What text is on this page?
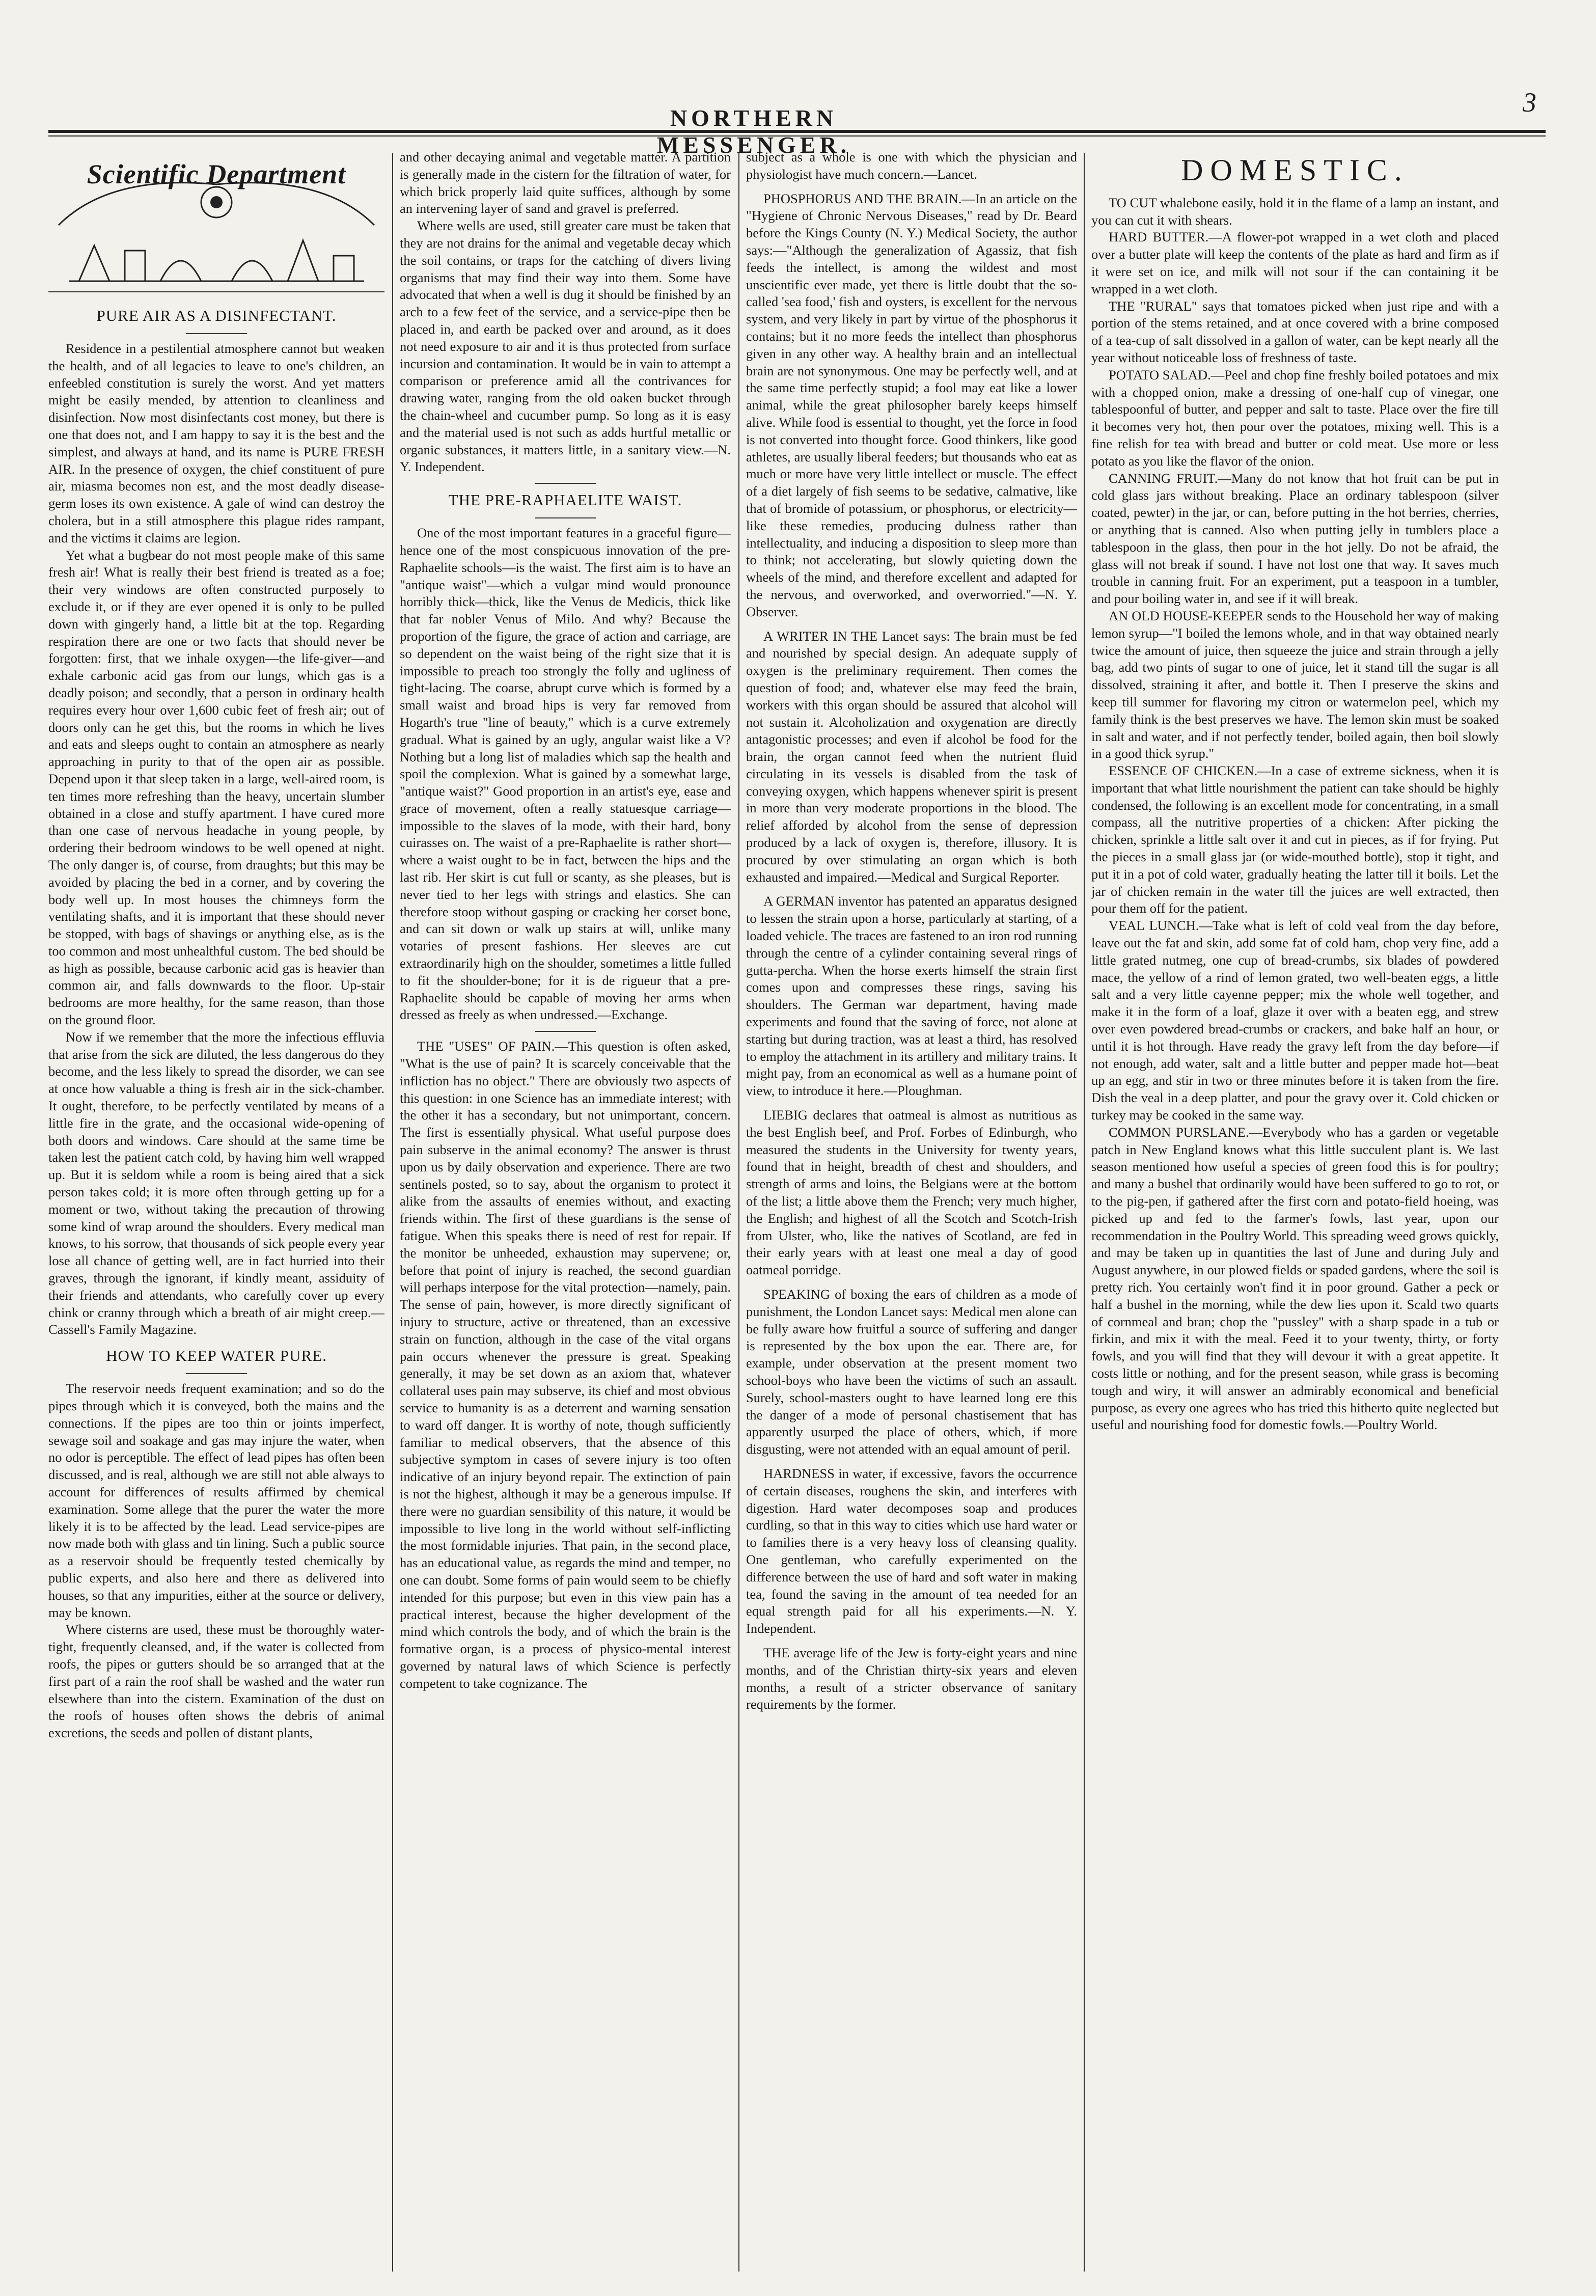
NORTHERN MESSENGER.
3
Scientific Department

PURE AIR AS A DISINFECTANT.

Residence in a pestilential atmosphere cannot but weaken the health, and of all legacies to leave to one's children, an enfeebled constitution is surely the worst. And yet matters might be easily mended, by attention to cleanliness and disinfection. Now most disinfectants cost money, but there is one that does not, and I am happy to say it is the best and the simplest, and always at hand, and its name is PURE FRESH AIR. In the presence of oxygen, the chief constituent of pure air, miasma becomes non est, and the most deadly disease-germ loses its own existence. A gale of wind can destroy the cholera, but in a still atmosphere this plague rides rampant, and the victims it claims are legion.

Yet what a bugbear do not most people make of this same fresh air! What is really their best friend is treated as a foe; their very windows are often constructed purposely to exclude it, or if they are ever opened it is only to be pulled down with gingerly hand, a little bit at the top. Regarding respiration there are one or two facts that should never be forgotten: first, that we inhale oxygen—the life-giver—and exhale carbonic acid gas from our lungs, which gas is a deadly poison; and secondly, that a person in ordinary health requires every hour over 1,600 cubic feet of fresh air; out of doors only can he get this, but the rooms in which he lives and eats and sleeps ought to contain an atmosphere as nearly approaching in purity to that of the open air as possible. Depend upon it that sleep taken in a large, well-aired room, is ten times more refreshing than the heavy, uncertain slumber obtained in a close and stuffy apartment. I have cured more than one case of nervous headache in young people, by ordering their bedroom windows to be well opened at night. The only danger is, of course, from draughts; but this may be avoided by placing the bed in a corner, and by covering the body well up. In most houses the chimneys form the ventilating shafts, and it is important that these should never be stopped, with bags of shavings or anything else, as is the too common and most unhealthful custom. The bed should be as high as possible, because carbonic acid gas is heavier than common air, and falls downwards to the floor. Up-stair bedrooms are more healthy, for the same reason, than those on the ground floor.

Now if we remember that the more the infectious effluvia that arise from the sick are diluted, the less dangerous do they become, and the less likely to spread the disorder, we can see at once how valuable a thing is fresh air in the sick-chamber. It ought, therefore, to be perfectly ventilated by means of a little fire in the grate, and the occasional wide-opening of both doors and windows. Care should at the same time be taken lest the patient catch cold, by having him well wrapped up. But it is seldom while a room is being aired that a sick person takes cold; it is more often through getting up for a moment or two, without taking the precaution of throwing some kind of wrap around the shoulders. Every medical man knows, to his sorrow, that thousands of sick people every year lose all chance of getting well, are in fact hurried into their graves, through the ignorant, if kindly meant, assiduity of their friends and attendants, who carefully cover up every chink or cranny through which a breath of air might creep.—Cassell's Family Magazine.

HOW TO KEEP WATER PURE.

The reservoir needs frequent examination; and so do the pipes through which it is conveyed, both the mains and the connections. If the pipes are too thin or joints imperfect, sewage soil and soakage and gas may injure the water, when no odor is perceptible. The effect of lead pipes has often been discussed, and is real, although we are still not able always to account for differences of results affirmed by chemical examination. Some allege that the purer the water the more likely it is to be affected by the lead. Lead service-pipes are now made both with glass and tin lining. Such a public source as a reservoir should be frequently tested chemically by public experts, and also here and there as delivered into houses, so that any impurities, either at the source or delivery, may be known.

Where cisterns are used, these must be thoroughly water-tight, frequently cleansed, and, if the water is collected from roofs, the pipes or gutters should be so arranged that at the first part of a rain the roof shall be washed and the water run elsewhere than into the cistern. Examination of the dust on the roofs of houses often shows the debris of animal excretions, the seeds and pollen of distant plants,

and other decaying animal and vegetable matter. A partition is generally made in the cistern for the filtration of water, for which brick properly laid quite suffices, although by some an intervening layer of sand and gravel is preferred.

Where wells are used, still greater care must be taken that they are not drains for the animal and vegetable decay which the soil contains, or traps for the catching of divers living organisms that may find their way into them. Some have advocated that when a well is dug it should be finished by an arch to a few feet of the service, and a service-pipe then be placed in, and earth be packed over and around, as it does not need exposure to air and it is thus protected from surface incursion and contamination. It would be in vain to attempt a comparison or preference amid all the contrivances for drawing water, ranging from the old oaken bucket through the chain-wheel and cucumber pump. So long as it is easy and the material used is not such as adds hurtful metallic or organic substances, it matters little, in a sanitary view.—N. Y. Independent.

THE PRE-RAPHAELITE WAIST.

One of the most important features in a graceful figure—hence one of the most conspicuous innovation of the pre-Raphaelite schools—is the waist. The first aim is to have an "antique waist"—which a vulgar mind would pronounce horribly thick—thick, like the Venus de Medicis, thick like that far nobler Venus of Milo. And why? Because the proportion of the figure, the grace of action and carriage, are so dependent on the waist being of the right size that it is impossible to preach too strongly the folly and ugliness of tight-lacing. The coarse, abrupt curve which is formed by a small waist and broad hips is very far removed from Hogarth's true "line of beauty," which is a curve extremely gradual. What is gained by an ugly, angular waist like a V? Nothing but a long list of maladies which sap the health and spoil the complexion. What is gained by a somewhat large, "antique waist?" Good proportion in an artist's eye, ease and grace of movement, often a really statuesque carriage—impossible to the slaves of la mode, with their hard, bony cuirasses on. The waist of a pre-Raphaelite is rather short—where a waist ought to be in fact, between the hips and the last rib. Her skirt is cut full or scanty, as she pleases, but is never tied to her legs with strings and elastics. She can therefore stoop without gasping or cracking her corset bone, and can sit down or walk up stairs at will, unlike many votaries of present fashions. Her sleeves are cut extraordinarily high on the shoulder, sometimes a little fulled to fit the shoulder-bone; for it is de rigueur that a pre-Raphaelite should be capable of moving her arms when dressed as freely as when undressed.—Exchange.

THE "USES" OF PAIN.—This question is often asked, "What is the use of pain? It is scarcely conceivable that the infliction has no object." There are obviously two aspects of this question: in one Science has an immediate interest; with the other it has a secondary, but not unimportant, concern. The first is essentially physical. What useful purpose does pain subserve in the animal economy? The answer is thrust upon us by daily observation and experience. There are two sentinels posted, so to say, about the organism to protect it alike from the assaults of enemies without, and exacting friends within. The first of these guardians is the sense of fatigue. When this speaks there is need of rest for repair. If the monitor be unheeded, exhaustion may supervene; or, before that point of injury is reached, the second guardian will perhaps interpose for the vital protection—namely, pain. The sense of pain, however, is more directly significant of injury to structure, active or threatened, than an excessive strain on function, although in the case of the vital organs pain occurs whenever the pressure is great. Speaking generally, it may be set down as an axiom that, whatever collateral uses pain may subserve, its chief and most obvious service to humanity is as a deterrent and warning sensation to ward off danger. It is worthy of note, though sufficiently familiar to medical observers, that the absence of this subjective symptom in cases of severe injury is too often indicative of an injury beyond repair. The extinction of pain is not the highest, although it may be a generous impulse. If there were no guardian sensibility of this nature, it would be impossible to live long in the world without self-inflicting the most formidable injuries. That pain, in the second place, has an educational value, as regards the mind and temper, no one can doubt. Some forms of pain would seem to be chiefly intended for this purpose; but even in this view pain has a practical interest, because the higher development of the mind which controls the body, and of which the brain is the formative organ, is a process of physico-mental interest governed by natural laws of which Science is perfectly competent to take cognizance. The

subject as a whole is one with which the physician and physiologist have much concern.—Lancet.

PHOSPHORUS AND THE BRAIN.—In an article on the "Hygiene of Chronic Nervous Diseases," read by Dr. Beard before the Kings County (N. Y.) Medical Society, the author says:—"Although the generalization of Agassiz, that fish feeds the intellect, is among the wildest and most unscientific ever made, yet there is little doubt that the so-called 'sea food,' fish and oysters, is excellent for the nervous system, and very likely in part by virtue of the phosphorus it contains; but it no more feeds the intellect than phosphorus given in any other way. A healthy brain and an intellectual brain are not synonymous. One may be perfectly well, and at the same time perfectly stupid; a fool may eat like a lower animal, while the great philosopher barely keeps himself alive. While food is essential to thought, yet the force in food is not converted into thought force. Good thinkers, like good athletes, are usually liberal feeders; but thousands who eat as much or more have very little intellect or muscle. The effect of a diet largely of fish seems to be sedative, calmative, like that of bromide of potassium, or phosphorus, or electricity—like these remedies, producing dulness rather than intellectuality, and inducing a disposition to sleep more than to think; not accelerating, but slowly quieting down the wheels of the mind, and therefore excellent and adapted for the nervous, and overworked, and overworried."—N. Y. Observer.

A WRITER IN THE Lancet says: The brain must be fed and nourished by special design. An adequate supply of oxygen is the preliminary requirement. Then comes the question of food; and, whatever else may feed the brain, workers with this organ should be assured that alcohol will not sustain it. Alcoholization and oxygenation are directly antagonistic processes; and even if alcohol be food for the brain, the organ cannot feed when the nutrient fluid circulating in its vessels is disabled from the task of conveying oxygen, which happens whenever spirit is present in more than very moderate proportions in the blood. The relief afforded by alcohol from the sense of depression produced by a lack of oxygen is, therefore, illusory. It is procured by over stimulating an organ which is both exhausted and impaired.—Medical and Surgical Reporter.

A GERMAN inventor has patented an apparatus designed to lessen the strain upon a horse, particularly at starting, of a loaded vehicle. The traces are fastened to an iron rod running through the centre of a cylinder containing several rings of gutta-percha. When the horse exerts himself the strain first comes upon and compresses these rings, saving his shoulders. The German war department, having made experiments and found that the saving of force, not alone at starting but during traction, was at least a third, has resolved to employ the attachment in its artillery and military trains. It might pay, from an economical as well as a humane point of view, to introduce it here.—Ploughman.

LIEBIG declares that oatmeal is almost as nutritious as the best English beef, and Prof. Forbes of Edinburgh, who measured the students in the University for twenty years, found that in height, breadth of chest and shoulders, and strength of arms and loins, the Belgians were at the bottom of the list; a little above them the French; very much higher, the English; and highest of all the Scotch and Scotch-Irish from Ulster, who, like the natives of Scotland, are fed in their early years with at least one meal a day of good oatmeal porridge.

SPEAKING of boxing the ears of children as a mode of punishment, the London Lancet says: Medical men alone can be fully aware how fruitful a source of suffering and danger is represented by the box upon the ear. There are, for example, under observation at the present moment two school-boys who have been the victims of such an assault. Surely, school-masters ought to have learned long ere this the danger of a mode of personal chastisement that has apparently usurped the place of others, which, if more disgusting, were not attended with an equal amount of peril.

HARDNESS in water, if excessive, favors the occurrence of certain diseases, roughens the skin, and interferes with digestion. Hard water decomposes soap and produces curdling, so that in this way to cities which use hard water or to families there is a very heavy loss of cleansing quality. One gentleman, who carefully experimented on the difference between the use of hard and soft water in making tea, found the saving in the amount of tea needed for an equal strength paid for all his experiments.—N. Y. Independent.

THE average life of the Jew is forty-eight years and nine months, and of the Christian thirty-six years and eleven months, a result of a stricter observance of sanitary requirements by the former.

DOMESTIC.

TO CUT whalebone easily, hold it in the flame of a lamp an instant, and you can cut it with shears.

HARD BUTTER.—A flower-pot wrapped in a wet cloth and placed over a butter plate will keep the contents of the plate as hard and firm as if it were set on ice, and milk will not sour if the can containing it be wrapped in a wet cloth.

THE "RURAL" says that tomatoes picked when just ripe and with a portion of the stems retained, and at once covered with a brine composed of a tea-cup of salt dissolved in a gallon of water, can be kept nearly all the year without noticeable loss of freshness of taste.

POTATO SALAD.—Peel and chop fine freshly boiled potatoes and mix with a chopped onion, make a dressing of one-half cup of vinegar, one tablespoonful of butter, and pepper and salt to taste. Place over the fire till it becomes very hot, then pour over the potatoes, mixing well. This is a fine relish for tea with bread and butter or cold meat. Use more or less potato as you like the flavor of the onion.

CANNING FRUIT.—Many do not know that hot fruit can be put in cold glass jars without breaking. Place an ordinary tablespoon (silver coated, pewter) in the jar, or can, before putting in the hot berries, cherries, or anything that is canned. Also when putting jelly in tumblers place a tablespoon in the glass, then pour in the hot jelly. Do not be afraid, the glass will not break if sound. I have not lost one that way. It saves much trouble in canning fruit. For an experiment, put a teaspoon in a tumbler, and pour boiling water in, and see if it will break.

AN OLD HOUSE-KEEPER sends to the Household her way of making lemon syrup—"I boiled the lemons whole, and in that way obtained nearly twice the amount of juice, then squeeze the juice and strain through a jelly bag, add two pints of sugar to one of juice, let it stand till the sugar is all dissolved, straining it after, and bottle it. Then I preserve the skins and keep till summer for flavoring my citron or watermelon peel, which my family think is the best preserves we have. The lemon skin must be soaked in salt and water, and if not perfectly tender, boiled again, then boil slowly in a good thick syrup."

ESSENCE OF CHICKEN.—In a case of extreme sickness, when it is important that what little nourishment the patient can take should be highly condensed, the following is an excellent mode for concentrating, in a small compass, all the nutritive properties of a chicken: After picking the chicken, sprinkle a little salt over it and cut in pieces, as if for frying. Put the pieces in a small glass jar (or wide-mouthed bottle), stop it tight, and put it in a pot of cold water, gradually heating the latter till it boils. Let the jar of chicken remain in the water till the juices are well extracted, then pour them off for the patient.

VEAL LUNCH.—Take what is left of cold veal from the day before, leave out the fat and skin, add some fat of cold ham, chop very fine, add a little grated nutmeg, one cup of bread-crumbs, six blades of powdered mace, the yellow of a rind of lemon grated, two well-beaten eggs, a little salt and a very little cayenne pepper; mix the whole well together, and make it in the form of a loaf, glaze it over with a beaten egg, and strew over even powdered bread-crumbs or crackers, and bake half an hour, or until it is hot through. Have ready the gravy left from the day before—if not enough, add water, salt and a little butter and pepper made hot—beat up an egg, and stir in two or three minutes before it is taken from the fire. Dish the veal in a deep platter, and pour the gravy over it. Cold chicken or turkey may be cooked in the same way.

COMMON PURSLANE.—Everybody who has a garden or vegetable patch in New England knows what this little succulent plant is. We last season mentioned how useful a species of green food this is for poultry; and many a bushel that ordinarily would have been suffered to go to rot, or to the pig-pen, if gathered after the first corn and potato-field hoeing, was picked up and fed to the farmer's fowls, last year, upon our recommendation in the Poultry World. This spreading weed grows quickly, and may be taken up in quantities the last of June and during July and August anywhere, in our plowed fields or spaded gardens, where the soil is pretty rich. You certainly won't find it in poor ground. Gather a peck or half a bushel in the morning, while the dew lies upon it. Scald two quarts of cornmeal and bran; chop the "pussley" with a sharp spade in a tub or firkin, and mix it with the meal. Feed it to your twenty, thirty, or forty fowls, and you will find that they will devour it with a great appetite. It costs little or nothing, and for the present season, while grass is becoming tough and wiry, it will answer an admirably economical and beneficial purpose, as every one agrees who has tried this hitherto quite neglected but useful and nourishing food for domestic fowls.—Poultry World.
